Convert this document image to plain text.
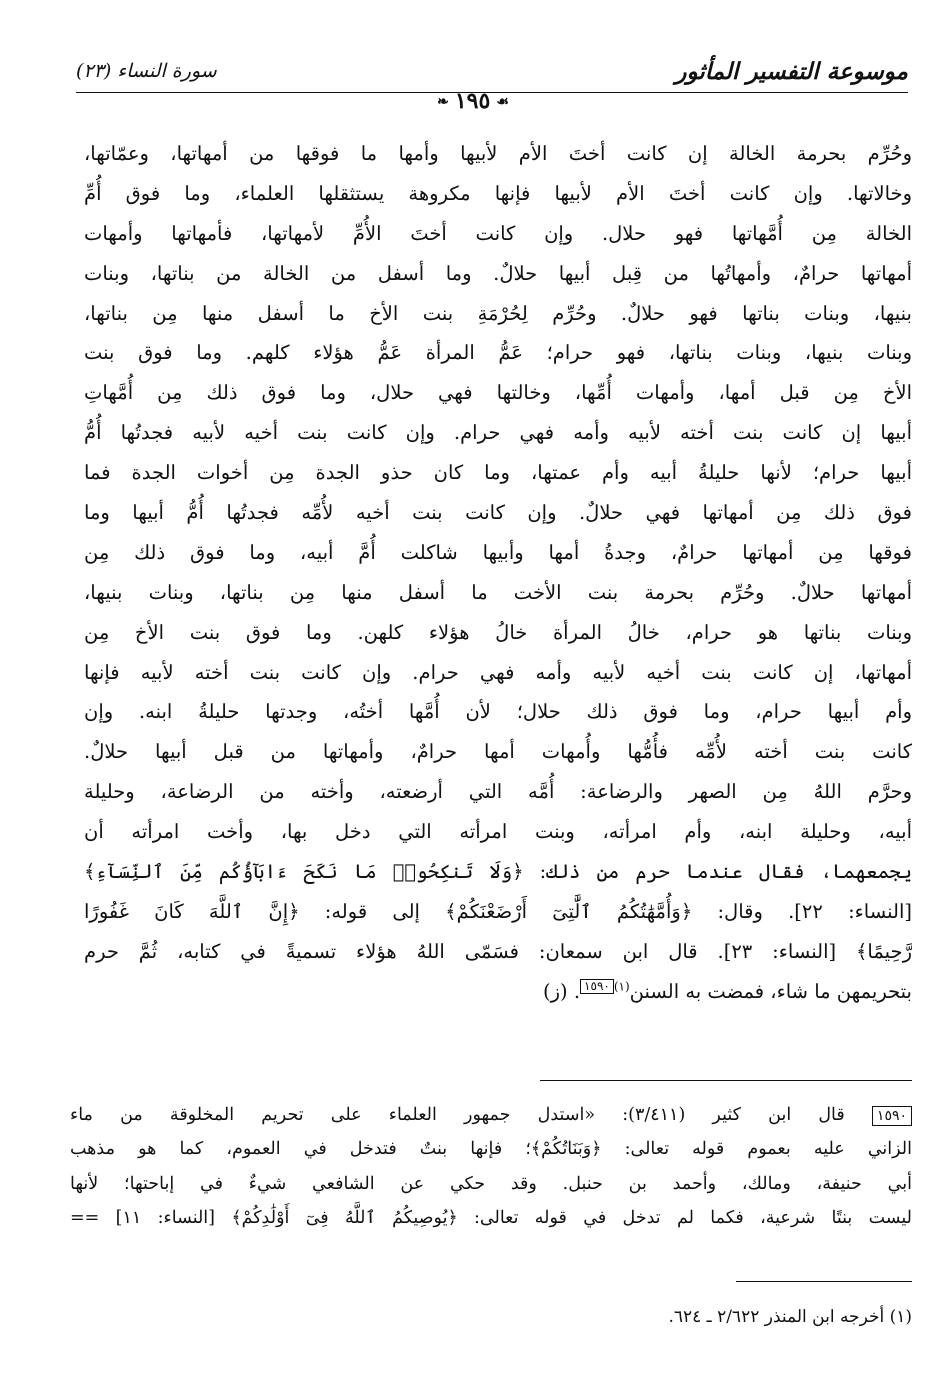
موسوعة التفسير المأثور
سورة النساء (٢٣)
☙١٩٥❧
وحُرِّم بحرمة الخالة إن كانت أختَ الأم لأبيها وأمها ما فوقها من أمهاتها، وعمّاتها،
وخالاتها. وإن كانت أختَ الأم لأبيها فإنها مكروهة يستثقلها العلماء، وما فوق أُمِّ
الخالة مِن أُمَّهاتها فهو حلال. وإن كانت أختَ الأُمِّ لأمهاتها، فأمهاتها وأمهات
أمهاتها حرامٌ، وأمهاتُها من قِبل أبيها حلالٌ. وما أسفل من الخالة من بناتها، وبنات
بنيها، وبنات بناتها فهو حلالٌ. وحُرِّم لِحُرْمَةِ بنت الأخ ما أسفل منها مِن بناتها،
وبنات بنيها، وبنات بناتها، فهو حرام؛ عَمُّ المرأة عَمُّ هؤلاء كلهم. وما فوق بنت
الأخ مِن قبل أمها، وأمهات أُمِّها، وخالتها فهي حلال، وما فوق ذلك مِن أُمَّهاتِ
أبيها إن كانت بنت أخته لأبيه وأمه فهي حرام. وإن كانت بنت أخيه لأبيه فجدتُها أُمُّ
أبيها حرام؛ لأنها حليلةُ أبيه وأم عمتها، وما كان حذو الجدة مِن أخوات الجدة فما
فوق ذلك مِن أمهاتها فهي حلالٌ. وإن كانت بنت أخيه لأُمِّه فجدتُها أُمُّ أبيها وما
فوقها مِن أمهاتها حرامٌ، وجدةُ أمها وأبيها شاكلت أُمَّ أبيه، وما فوق ذلك مِن
أمهاتها حلالٌ. وحُرِّم بحرمة بنت الأخت ما أسفل منها مِن بناتها، وبنات بنيها،
وبنات بناتها هو حرام، خالُ المرأة خالُ هؤلاء كلهن. وما فوق بنت الأخ مِن
أمهاتها، إن كانت بنت أخيه لأبيه وأمه فهي حرام. وإن كانت بنت أخته لأبيه فإنها
وأم أبيها حرام، وما فوق ذلك حلال؛ لأن أُمَّها أختُه، وجدتها حليلةُ ابنه. وإن
كانت بنت أخته لأُمِّه فأُمُّها وأُمهات أمها حرامٌ، وأمهاتها من قبل أبيها حلالٌ.
وحرَّم اللهُ مِن الصهر والرضاعة: أُمَّه التي أرضعته، وأخته من الرضاعة، وحليلة
أبيه، وحليلة ابنه، وأم امرأته، وبنت امرأته التي دخل بها، وأخت امرأته أن
يجمعهما، فقال عندما حرم من ذلك: ﴿وَلَا تَنكِحُوا۟ مَا نَكَحَ ءَابَآؤُكُم مِّنَ ٱلنِّسَآءِ﴾
[النساء: ٢٢]. وقال: ﴿وَأُمَّهَٰتُكُمُ ٱلَّٰتِىٓ أَرْضَعْنَكُمْ﴾ إلى قوله: ﴿إِنَّ ٱللَّهَ كَانَ غَفُورًا
رَّحِيمًا﴾ [النساء: ٢٣]. قال ابن سمعان: فسَمّى اللهُ هؤلاء تسميةً في كتابه، ثُمَّ حرم
بتحريمهن ما شاء، فمضت به السنن$^{(١)}$١٥٩٠. (ز)
١٥٩٠ قال ابن كثير (٣/٤١١): «استدل جمهور العلماء على تحريم المخلوقة من ماء
الزاني عليه بعموم قوله تعالى: ﴿وَبَنَاتُكُمْ﴾؛ فإنها بنتٌ فتدخل في العموم، كما هو مذهب
أبي حنيفة، ومالك، وأحمد بن حنبل. وقد حكي عن الشافعي شيءٌ في إباحتها؛ لأنها
ليست بنتًا شرعية، فكما لم تدخل في قوله تعالى: ﴿يُوصِيكُمُ ٱللَّهُ فِىٓ أَوْلَٰدِكُمْ﴾ [النساء: ١١] ==
(١) أخرجه ابن المنذر ٢/٦٢٢ ـ ٦٢٤.
